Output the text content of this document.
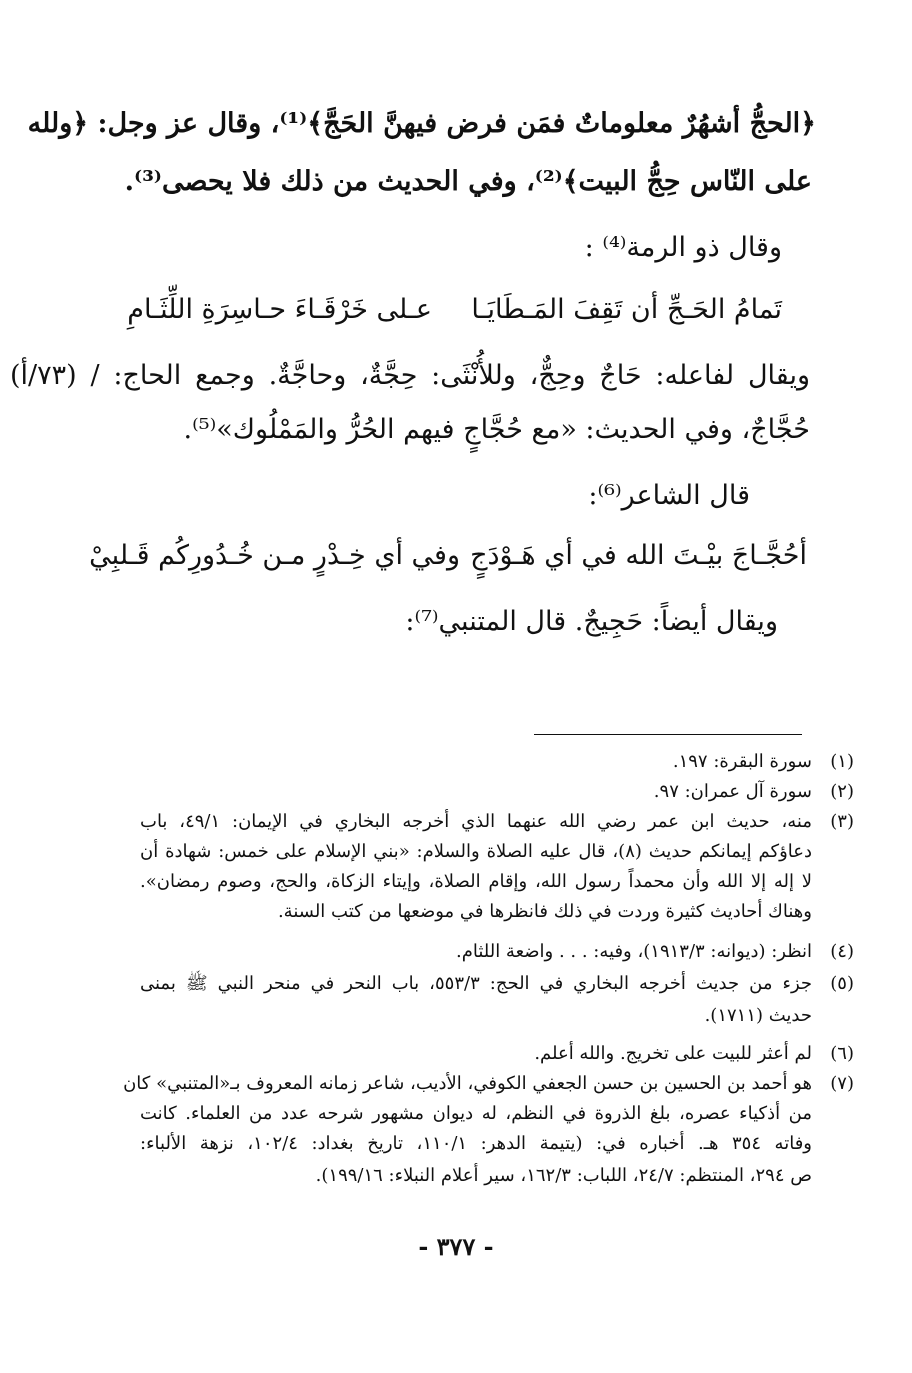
﴿الحجُّ أشهُرٌ معلوماتٌ فمَن فرض فيهنَّ الحَجَّ﴾⁽¹⁾، وقال عز وجل: ﴿ولله
على النّاس حِجُّ البيت﴾⁽²⁾، وفي الحديث من ذلك فلا يحصى⁽³⁾.
وقال ذو الرمة⁽⁴⁾ :
تَمامُ الحَـجِّ أن تَقِفَ المَـطَايَـا
عـلى خَرْقَـاءَ حـاسِرَةِ اللِّثَـامِ
ويقال لفاعله: حَاجٌ وحِجٌّ، وللأُنْثَى: حِجَّةٌ، وحاجَّةٌ. وجمع الحاج: / (٧٣/أ)
حُجَّاجٌ، وفي الحديث: «مع حُجَّاجٍ فيهم الحُرُّ والمَمْلُوك»⁽⁵⁾.
قال الشاعر⁽⁶⁾:
أحُجَّـاجَ بيْـتَ الله في أي هَـوْدَجٍ
وفي أي خِـدْرٍ مـن خُـدُورِكُم قَـلبِيْ
ويقال أيضاً: حَجِيجٌ. قال المتنبي⁽⁷⁾:
(١)
سورة البقرة: ١٩٧.
(٢)
سورة آل عمران: ٩٧.
(٣)
منه، حديث ابن عمر رضي الله عنهما الذي أخرجه البخاري في الإيمان: ٤٩/١، باب
دعاؤكم إيمانكم حديث (٨)، قال عليه الصلاة والسلام: «بني الإسلام على خمس: شهادة أن
لا إله إلا الله وأن محمداً رسول الله، وإقام الصلاة، وإيتاء الزكاة، والحج، وصوم رمضان».
وهناك أحاديث كثيرة وردت في ذلك فانظرها في موضعها من كتب السنة.
(٤)
انظر: (ديوانه: ١٩١٣/٣)، وفيه: . . . واضعة اللثام.
(٥)
جزء من جديث أخرجه البخاري في الحج: ٥٥٣/٣، باب النحر في منحر النبي ﷺ بمنى
حديث (١٧١١).
(٦)
لم أعثر للبيت على تخريج. والله أعلم.
(٧)
هو أحمد بن الحسين بن حسن الجعفي الكوفي، الأديب، شاعر زمانه المعروف بـ«المتنبي» كان
من أذكياء عصره، بلغ الذروة في النظم، له ديوان مشهور شرحه عدد من العلماء. كانت
وفاته ٣٥٤ هـ. أخباره في: (يتيمة الدهر: ١١٠/١، تاريخ بغداد: ١٠٢/٤، نزهة الألباء:
ص ٢٩٤، المنتظم: ٢٤/٧، اللباب: ١٦٢/٣، سير أعلام النبلاء: ١٩٩/١٦).
- ٣٧٧ -
